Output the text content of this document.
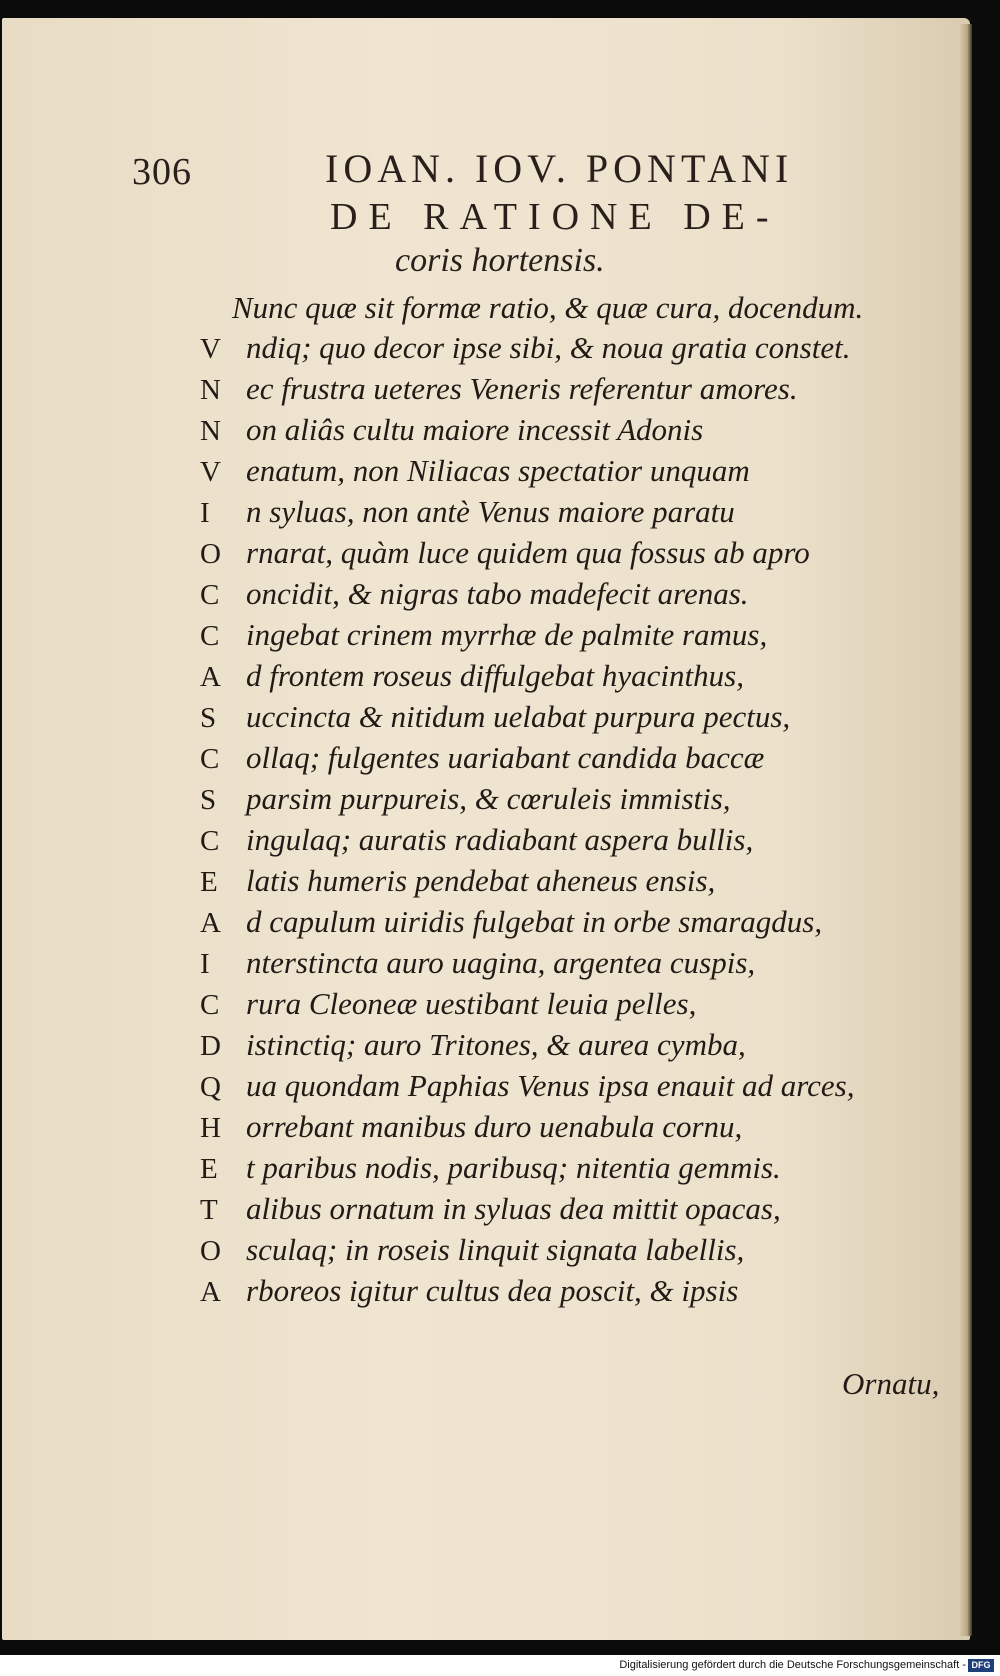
306	IOAN. IOV. PONTANI
DE RATIONE DE-
coris hortensis.
Nunc quæ sit formæ ratio, & quæ cura, docendum.
V ndiq; quo decor ipse sibi, & noua gratia constet.
N ec frustra ueteres Veneris referentur amores.
N on aliâs cultu maiore incessit Adonis
V enatum, non Niliacas spectatior unquam
I n syluas, non antè Venus maiore paratu
O rnarat, quàm luce quidem qua fossus ab apro
C oncidit, & nigras tabo madefecit arenas.
C ingebat crinem myrrhæ de palmite ramus,
A d frontem roseus diffulgebat hyacinthus,
S uccincta & nitidum uelabat purpura pectus,
C ollaq; fulgentes uariabant candida baccæ
S parsim purpureis, & cœruleis immistis,
C ingulaq; auratis radiabant aspera bullis,
E latis humeris pendebat aheneus ensis,
A d capulum uiridis fulgebat in orbe smaragdus,
I nterstincta auro uagina, argentea cuspis,
C rura Cleoneæ uestibant leuia pelles,
D istinctiq; auro Tritones, & aurea cymba,
Q ua quondam Paphias Venus ipsa enauit ad arces,
H orrebant manibus duro uenabula cornu,
E t paribus nodis, paribusq; nitentia gemmis.
T alibus ornatum in syluas dea mittit opacas,
O sculaq; in roseis linquit signata labellis,
A rboreos igitur cultus dea poscit, & ipsis
Ornatu,
Digitalisierung gefördert durch die Deutsche Forschungsgemeinschaft - DFG
